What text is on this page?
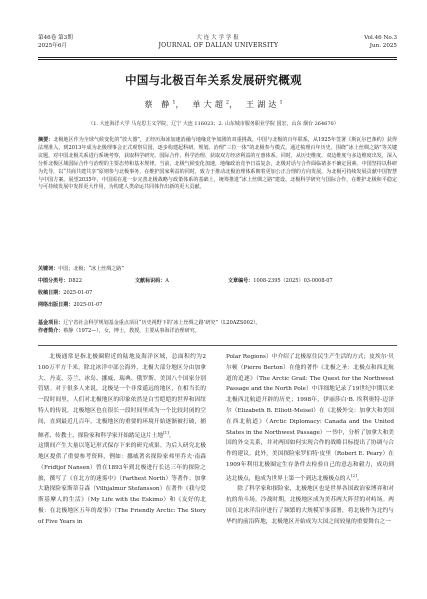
第46卷 第3期	大连大学学报	Vol.46 No.3
2025年6月	JOURNAL OF DALIAN UNIVERSITY	Jun. 2025
中国与北极百年关系发展研究概观
蔡 静$^1$， 单大超$^2$， 王湖达$^1$
（1. 大连海洋大学 马克思主义学院，辽宁 大连 116023；2. 山东城市服务职业学院 国宏，山东 烟台 264670）
摘要：北极地区作为全球气候变化的“放大器”，正经历海冰加速消融与地缘竞争加剧的双重挑战。中国与北极的百年联系，从1925年签署《斯瓦尔巴条约》获得法理准入，到2013年成为北极理事会正式观察员国，逐步构建起科研、规划、治理“三位一体”的北极参与模式。通过梳理百年历史，围绕“冰上丝绸之路”等关键议题，对中国北极关系进行系统考察，获取科学研究、国际合作、科学治理、获取双方经济利益的互惠体系。同时，从历史维度、双边维度与多边维度出发，深入分析北极区域国际合作与治理的主要态势和基本规律。当前，北极气候变化加速，地缘政治竞争日益复杂，北极对话与合作面临诸多不确定因素。中国坚持以科研为先导，以“共商共建共享”原则参与北极事务，在维护国家利益的同时，致力于推动北极治理体系朝着更加公正合理的方向发展，为北极可持续发展贡献中国智慧与中国方案。展望2035年，中国需在进一步完善北极战略与政策体系的基础上，统筹推进“冰上丝绸之路”建设、北极科学研究与国际合作，在维护北极和平稳定与可持续发展中发挥更大作用，为构建人类命运共同体作出新的更大贡献。
关键词：中国；北极；“冰上丝绸之路”
中图分类号：D822	文献标识码：A	文章编号：1008-2395（2025）03-0008-07
收稿日期：2025-01-07
网络出版日期：2025-01-07
基金项目：辽宁省社会科学规划基金重点项目“历史视野下的‘冰上丝绸之路’研究”（L20AZS002）。
作者简介：蔡静（1972—），女，博士，教授，主要从事海洋治理研究。

北极通常是指北极圈附近的陆地及海洋区域，总面积约为2 100万平方千米。除北冰洋中部公海外，北极大部分地区分由加拿大、丹麦、芬兰、冰岛、挪威、瑞典、俄罗斯、美国八个国家分别管辖。对于很多人来说，北极是一个非常遥远的地区，在相当长的一段时间里，人们对北极地区的印象依然是白雪皑皑的世界和因纽特人的传说。北极地区也在很长一段时间里成为一个比较封闭的空间，直到最近几百年，北极地区的重要的环境开始逐渐被打破，捕鲸者、传教士、探险家和科学家开始踏足这片土地[1]。

这期间产生大量以笔记形式保存下来的研究成果。为后人研究北极地区提供了重要参考资料，例如：挪威著名探险家弗里乔夫·南森（Fridtjof Nansen）曾在1893年到北极进行长达三年的探险之旅，撰写了《在北方的迷雾中》（Farthest North）等著作；加拿大籍探险家斯蒂芬森（Vilhjalmur Stefansson）在著作《我与爱斯基摩人的生活》（My Life with the Eskimo）和《友好的北极：在北极地区五年的故事》（The Friendly Arctic: The Story of Five Years in

Polar Regions）中介绍了北极原住民生产生活的方式；皮埃尔·贝尔顿（Pierre Berton）在他的著作《北极之圣：北极点和西北航道的追逐》（The Arctic Grail: The Quest for the Northwest Passage and the North Pole）中详细地记录了19世纪中期以来北极西北航道开辟的历史；1998年，伊丽莎白·B. 埃利奥特-迈泽尔（Elizabeth B. Elliott-Meisel）在《北极外交：加拿大和美国在西北航道》（Arctic Diplomacy: Canada and the United States in the Northwest Passage）一书中，分析了加拿大和美国的外交关系，并对两国如何实现合作的战略目标提出了协调与合作的建议。此外，美国探险家罗伯特·皮里（Robert E. Peary）在1909年利用北极圈定生存条件去检验自己的意志和毅力，成功到达北极点，他成为世界上第一个到达北极极点的人[2]。

除了科学家和探险家，北极地区也是世界各国政治家博弈和对抗的角斗场。冷战时期，北极地区成为美苏两大阵营的对峙场。两国在北冰洋沿岸进行了频繁的大规模军事部署，将北极作为北约与华约的前沿阵地，北极地区开始成为大国之间较量的重要舞台之一
